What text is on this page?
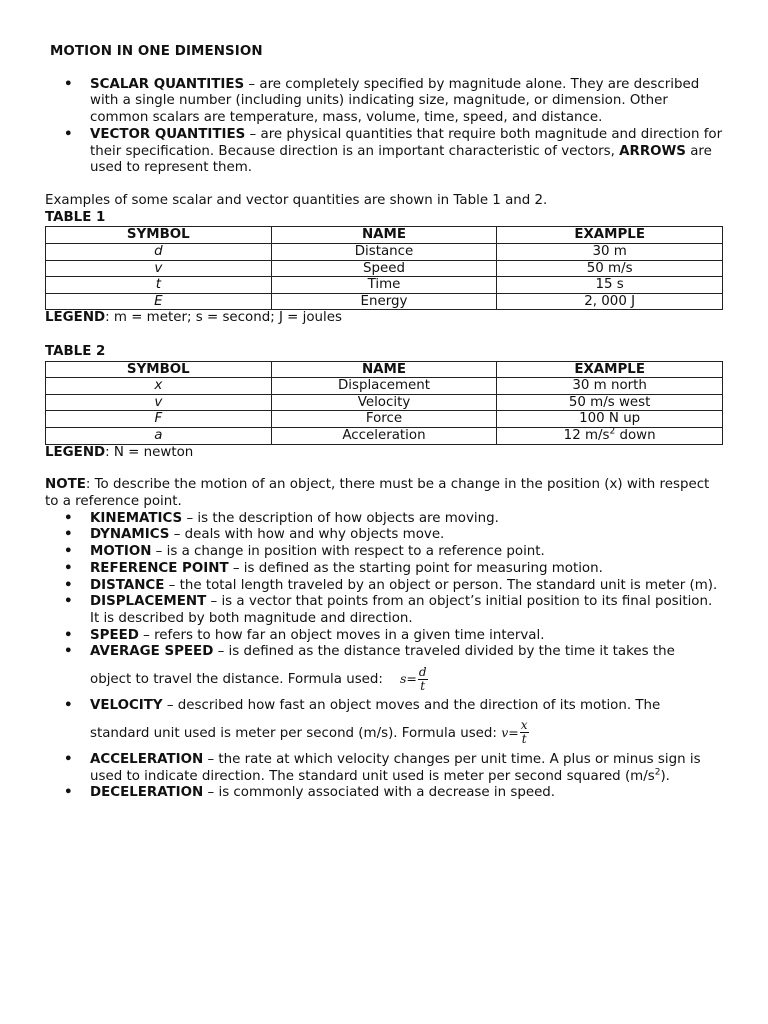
MOTION IN ONE DIMENSION
• SCALAR QUANTITIES – are completely specified by magnitude alone. They are described with a single number (including units) indicating size, magnitude, or dimension. Other common scalars are temperature, mass, volume, time, speed, and distance.
• VECTOR QUANTITIES – are physical quantities that require both magnitude and direction for their specification. Because direction is an important characteristic of vectors, ARROWS are used to represent them.
Examples of some scalar and vector quantities are shown in Table 1 and 2.
TABLE 1
SYMBOL	NAME	EXAMPLE
d	Distance	30 m
v	Speed	50 m/s
t	Time	15 s
E	Energy	2, 000 J
LEGEND: m = meter; s = second; J = joules
TABLE 2
SYMBOL	NAME	EXAMPLE
x	Displacement	30 m north
v	Velocity	50 m/s west
F	Force	100 N up
a	Acceleration	12 $m/s^2$ down
LEGEND: N = newton
NOTE: To describe the motion of an object, there must be a change in the position (x) with respect to a reference point.
• KINEMATICS – is the description of how objects are moving.
• DYNAMICS – deals with how and why objects move.
• MOTION – is a change in position with respect to a reference point.
• REFERENCE POINT – is defined as the starting point for measuring motion.
• DISTANCE – the total length traveled by an object or person. The standard unit is meter (m).
• DISPLACEMENT – is a vector that points from an object’s initial position to its final position. It is described by both magnitude and direction.
• SPEED – refers to how far an object moves in a given time interval.
• AVERAGE SPEED – is defined as the distance traveled divided by the time it takes the
object to travel the distance. Formula used: $s= \frac{d}{t}$
• VELOCITY – described how fast an object moves and the direction of its motion. The
standard unit used is meter per second (m/s). Formula used: $v= \frac{x}{t}$
• ACCELERATION – the rate at which velocity changes per unit time. A plus or minus sign is used to indicate direction. The standard unit used is meter per second squared $(m/s^2)$.
• DECELERATION – is commonly associated with a decrease in speed.
